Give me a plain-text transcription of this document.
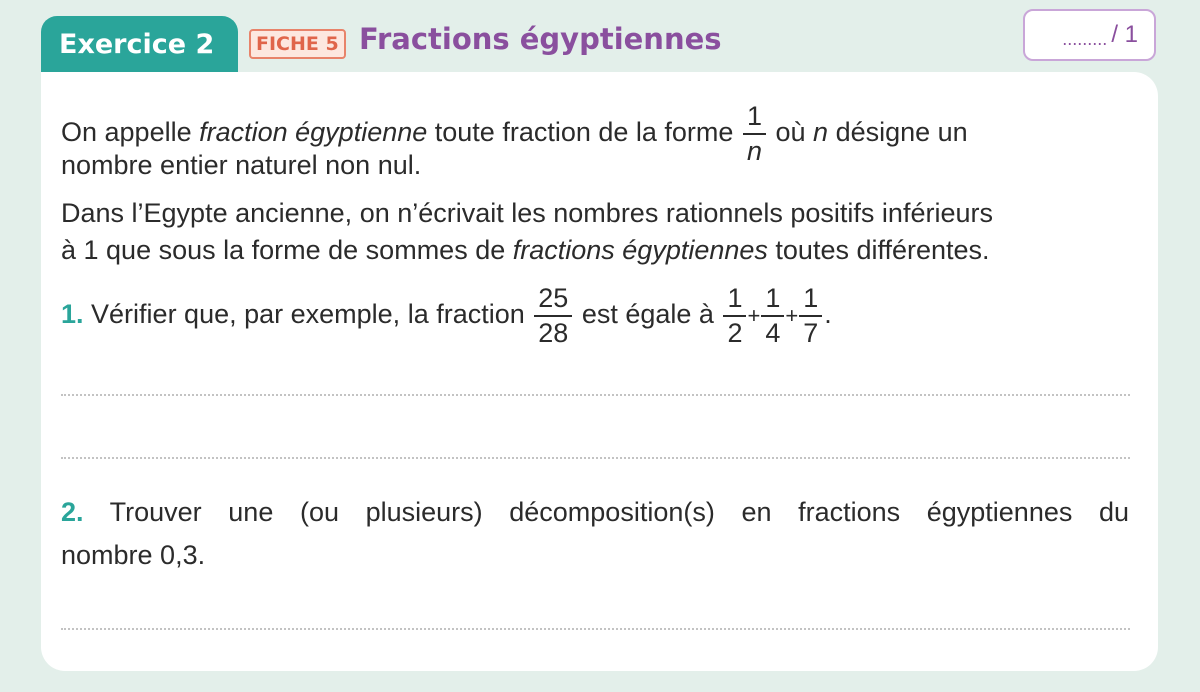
Exercice 2 FICHE 5 Fractions égyptiennes	......... / 1
On appelle fraction égyptienne toute fraction de la forme $\frac{1}{n}$ où n désigne un
nombre entier naturel non nul.
Dans l’Egypte ancienne, on n’écrivait les nombres rationnels positifs inférieurs
à 1 que sous la forme de sommes de fractions égyptiennes toutes différentes.
1. Vérifier que, par exemple, la fraction $\frac{25}{28}$ est égale à $\frac{1}{2} + \frac{1}{4} + \frac{1}{7}$ .
2. Trouver une (ou plusieurs) décomposition(s) en fractions égyptiennes du
nombre 0,3.
